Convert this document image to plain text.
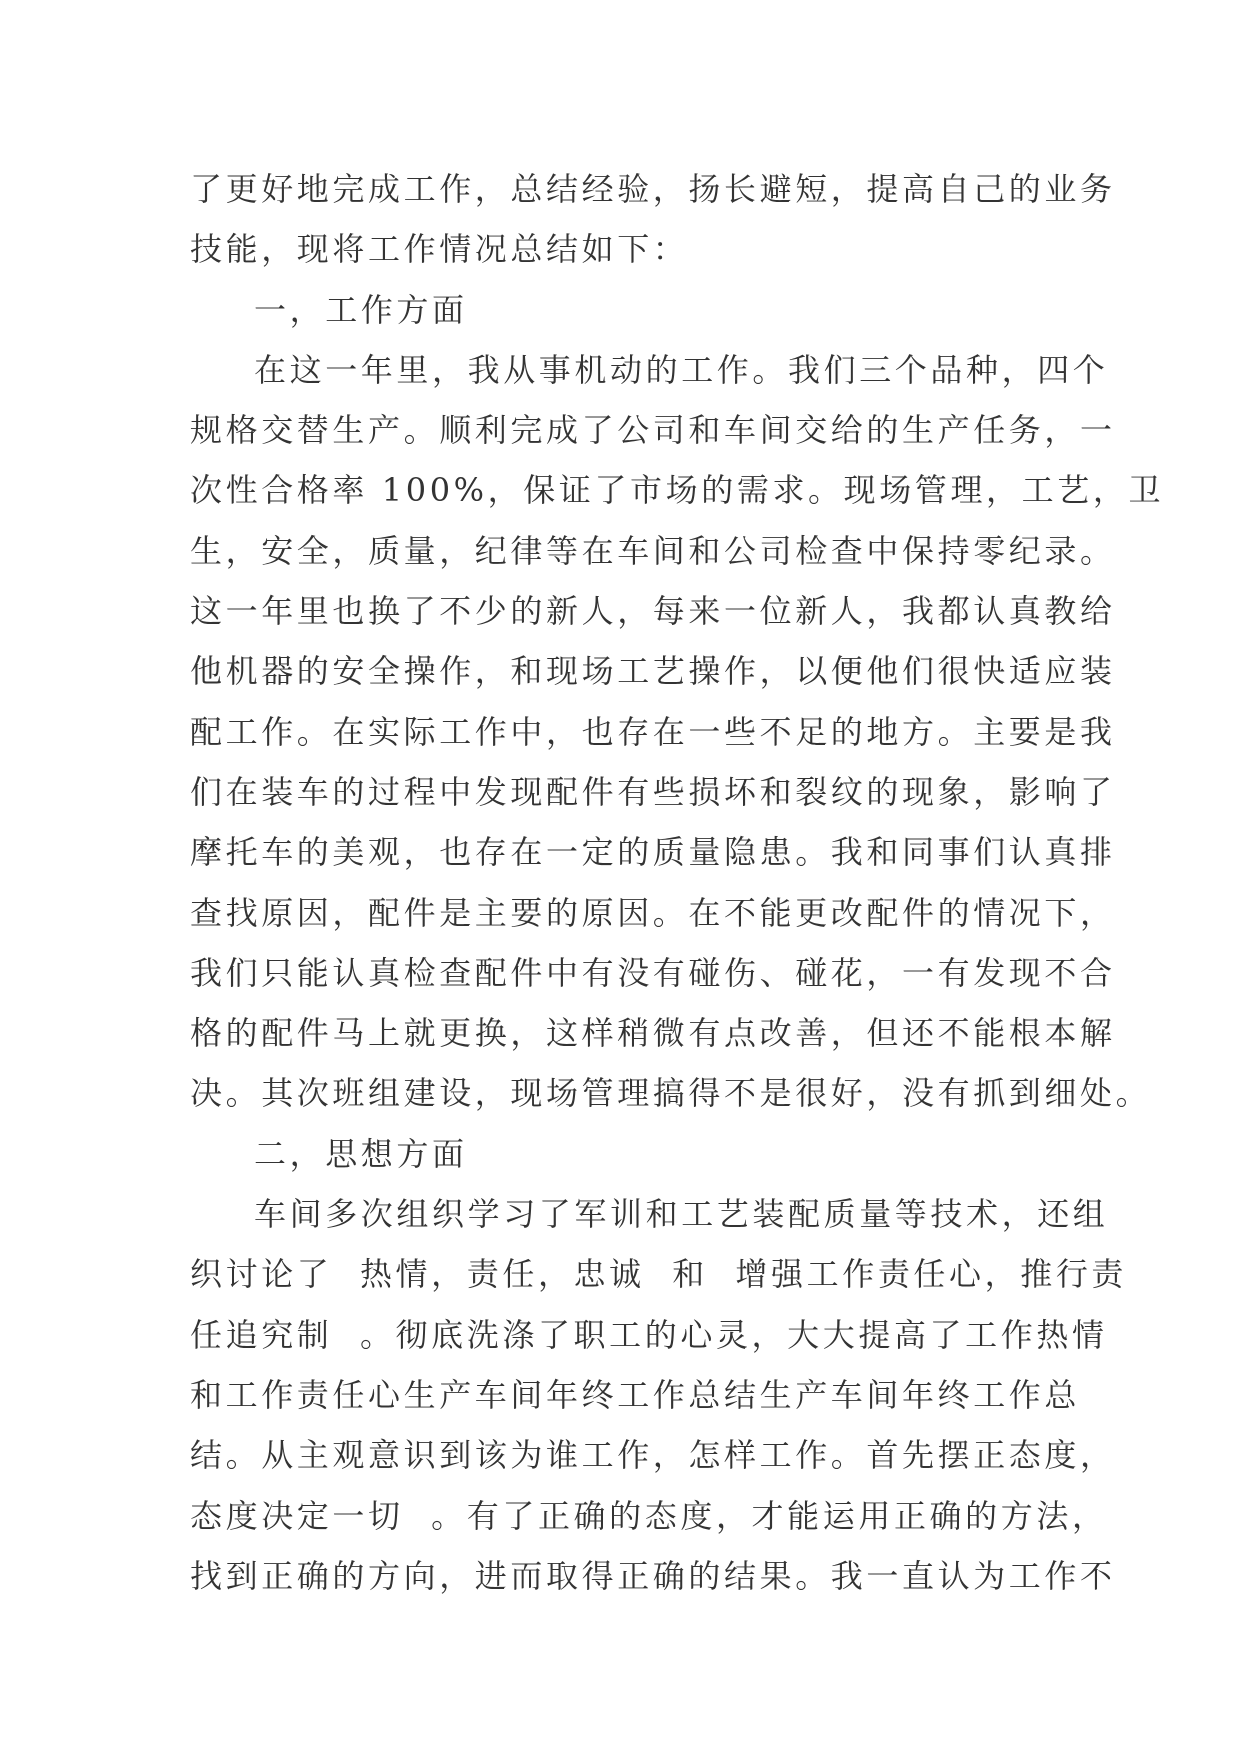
了更好地完成工作，总结经验，扬长避短，提高自己的业务
技能，现将工作情况总结如下：
一，工作方面
在这一年里，我从事机动的工作。我们三个品种，四个
规格交替生产。顺利完成了公司和车间交给的生产任务，一
次性合格率 100%，保证了市场的需求。现场管理，工艺，卫
生，安全，质量，纪律等在车间和公司检查中保持零纪录。
这一年里也换了不少的新人，每来一位新人，我都认真教给
他机器的安全操作，和现场工艺操作，以便他们很快适应装
配工作。在实际工作中，也存在一些不足的地方。主要是我
们在装车的过程中发现配件有些损坏和裂纹的现象，影响了
摩托车的美观，也存在一定的质量隐患。我和同事们认真排
查找原因，配件是主要的原因。在不能更改配件的情况下，
我们只能认真检查配件中有没有碰伤、碰花，一有发现不合
格的配件马上就更换，这样稍微有点改善，但还不能根本解
决。其次班组建设，现场管理搞得不是很好，没有抓到细处。
二，思想方面
车间多次组织学习了军训和工艺装配质量等技术，还组
织讨论了  热情，责任，忠诚  和  增强工作责任心，推行责
任追究制  。彻底洗涤了职工的心灵，大大提高了工作热情
和工作责任心生产车间年终工作总结生产车间年终工作总
结。从主观意识到该为谁工作，怎样工作。首先摆正态度，
态度决定一切  。有了正确的态度，才能运用正确的方法，
找到正确的方向，进而取得正确的结果。我一直认为工作不
